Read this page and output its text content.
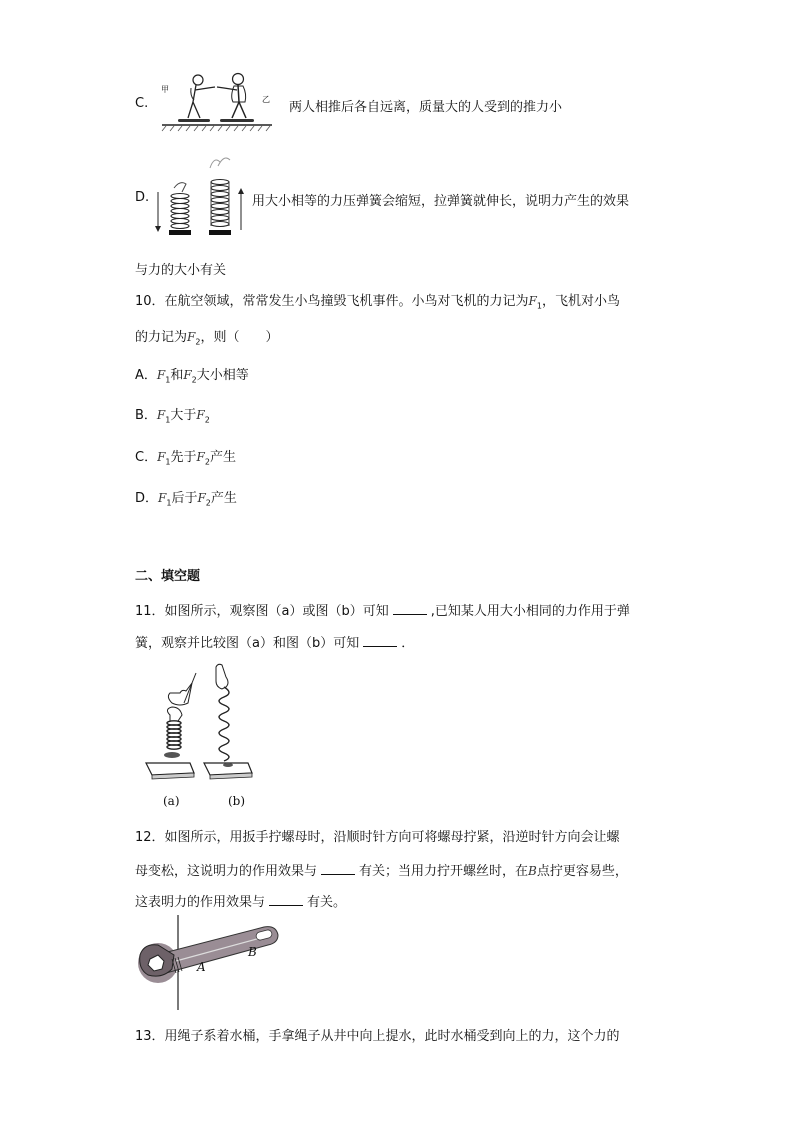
C.
甲
乙
两人相推后各自远离，质量大的人受到的推力小
D.	用大小相等的力压弹簧会缩短，拉弹簧就伸长，说明力产生的效果
与力的大小有关
10．在航空领域，常常发生小鸟撞毁飞机事件。小鸟对飞机的力记为$F_1$，飞机对小鸟
的力记为$F_2$，则（　　）
A．$F_1$和$F_2$大小相等
B．$F_1$大于$F_2$
C．$F_1$先于$F_2$产生
D．$F_1$后于$F_2$产生
二、填空题
11．如图所示，观察图（a）或图（b）可知	,已知某人用大小相同的力作用于弹
簧，观察并比较图（a）和图（b）可知	．
(a)	(b)
12．如图所示，用扳手拧螺母时，沿顺时针方向可将螺母拧紧，沿逆时针方向会让螺
母变松，这说明力的作用效果与	有关；当用力拧开螺丝时，在B点拧更容易些，
这表明力的作用效果与	有关。
A
B
13．用绳子系着水桶，手拿绳子从井中向上提水，此时水桶受到向上的力，这个力的
